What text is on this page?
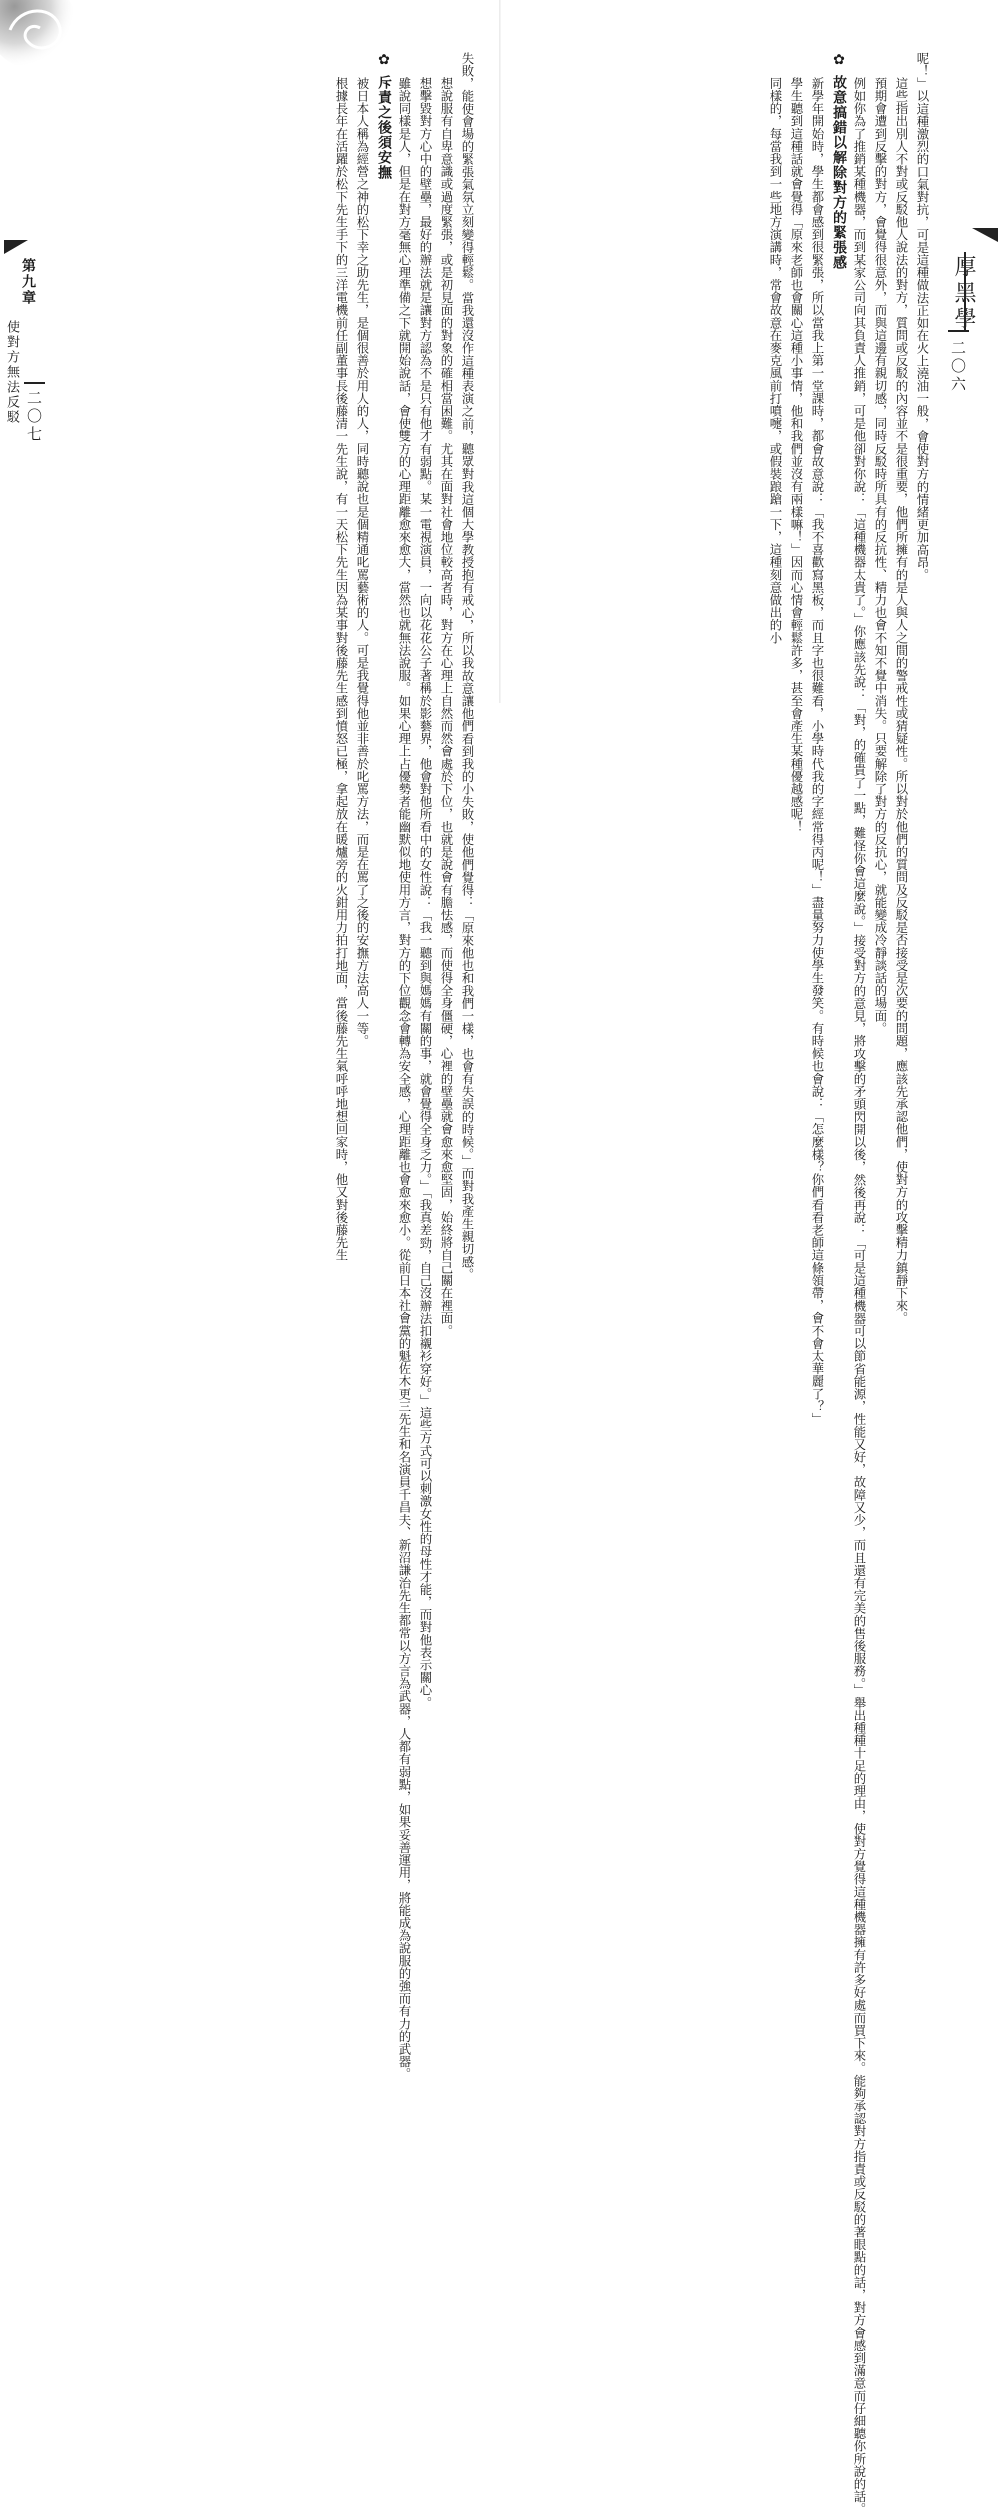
厚黑學
二〇六
呢！」以這種激烈的口氣對抗，可是這種做法正如在火上澆油一般，會使對方的情緒更加高昂。
這些指出別人不對或反駁他人說法的對方，質問或反駁的內容並不是很重要，他們所擁有的是人與人之間的警戒性或猜疑性。所以對於他們的質問及反駁是否接受是次要的問題，應該先承認他們，使對方的攻擊精力鎮靜下來。
預期會遭到反擊的對方，會覺得很意外，而與這邊有親切感，同時反駁時所具有的反抗性、精力也會不知不覺中消失。只要解除了對方的反抗心，就能變成冷靜談話的場面。
例如你為了推銷某種機器，而到某家公司向其負責人推銷，可是他卻對你說：「這種機器太貴了。」你應該先說：「對，的確貴了一點，難怪你會這麼說。」接受對方的意見，將攻擊的矛頭閃開以後，然後再說：「可是這種機器可以節省能源，性能又好，故障又少，而且還有完美的售後服務。」舉出種種十足的理由，使對方覺得這種機器擁有許多好處而買下來。能夠承認對方指責或反駁的著眼點的話，對方會感到滿意而仔細聽你所說的話。
✿故意搞錯以解除對方的緊張感
新學年開始時，學生都會感到很緊張，所以當我上第一堂課時，都會故意說：「我不喜歡寫黑板，而且字也很難看，小學時代我的字經常得丙呢！」盡量努力使學生發笑。有時候也會說：「怎麼樣？你們看看老師這條領帶，會不會太華麗了？」
學生聽到這種話就會覺得「原來老師也會關心這種小事情，他和我們並沒有兩樣嘛！」因而心情會輕鬆許多，甚至會產生某種優越感呢！
同樣的，每當我到一些地方演講時，常會故意在麥克風前打噴嚏，或假裝踉蹌一下，這種刻意做出的小
第九章
使對方無法反駁 二〇七	失敗，能使會場的緊張氣氛立刻變得輕鬆。當我還沒作這種表演之前，聽眾對我這個大學教授抱有戒心，所以我故意讓他們看到我的小失敗，使他們覺得：「原來他也和我們一樣，也會有失誤的時候。」而對我產生親切感。
想說服有自卑意識或過度緊張，或是初見面的對象的確相當困難。尤其在面對社會地位較高者時，對方在心理上自然而然會處於下位，也就是說會有膽怯感，而使得全身僵硬，心裡的壁壘就會愈來愈堅固，始終將自己關在裡面。
想擊毀對方心中的壁壘，最好的辦法就是讓對方認為不是只有他才有弱點。某一電視演員，一向以花花公子著稱於影藝界，他會對他所看中的女性說：「我一聽到與媽媽有關的事，就會覺得全身乏力。」「我真差勁，自己沒辦法扣襯衫穿好。」這些方式可以刺激女性的母性才能，而對他表示關心。
雖說同樣是人，但是在對方毫無心理準備之下就開始說話，會使雙方的心理距離愈來愈大，當然也就無法說服。如果心理上占優勢者能幽默似地使用方言，對方的下位觀念會轉為安全感，心理距離也會愈來愈小。從前日本社會黨的魁佐木更三先生和名演員千昌夫、新沼謙治先生都常以方言為武器，人都有弱點，如果妥善運用，將能成為說服的強而有力的武器。
✿斥責之後須安撫
被日本人稱為經營之神的松下幸之助先生，是個很善於用人的人，同時聽說也是個精通叱罵藝術的人。可是我覺得他並非善於叱罵方法，而是在罵了之後的安撫方法高人一等。
根據長年在活躍於松下先生手下的三洋電機前任副董事長後藤清一先生說，有一天松下先生因為某事對後藤先生感到憤怒已極，拿起放在暖爐旁的火鉗用力拍打地面，當後藤先生氣呼呼地想回家時，他又對後藤先生
